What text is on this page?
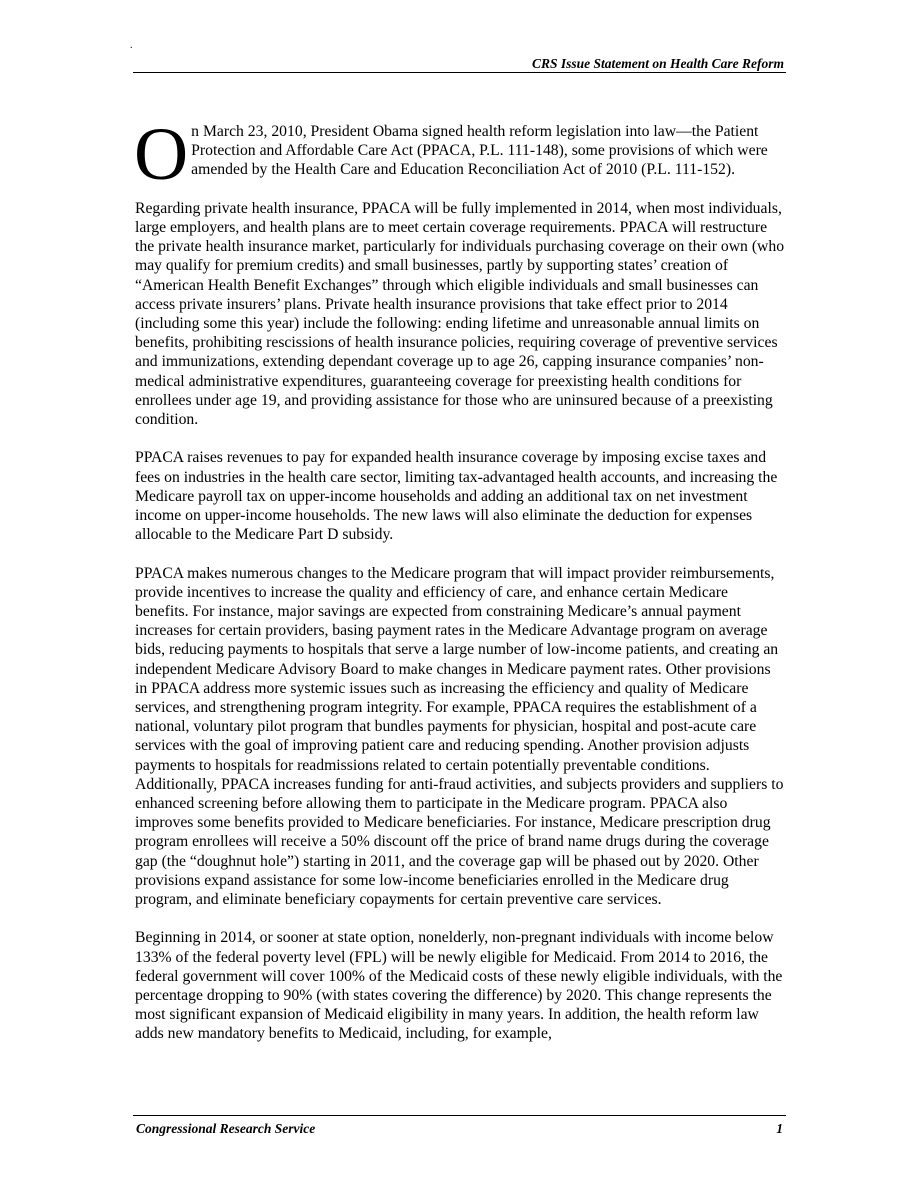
.
CRS Issue Statement on Health Care Reform

On March 23, 2010, President Obama signed health reform legislation into law—the Patient Protection and Affordable Care Act (PPACA, P.L. 111-148), some provisions of which were amended by the Health Care and Education Reconciliation Act of 2010 (P.L. 111-152).

Regarding private health insurance, PPACA will be fully implemented in 2014, when most individuals, large employers, and health plans are to meet certain coverage requirements. PPACA will restructure the private health insurance market, particularly for individuals purchasing coverage on their own (who may qualify for premium credits) and small businesses, partly by supporting states’ creation of “American Health Benefit Exchanges” through which eligible individuals and small businesses can access private insurers’ plans. Private health insurance provisions that take effect prior to 2014 (including some this year) include the following: ending lifetime and unreasonable annual limits on benefits, prohibiting rescissions of health insurance policies, requiring coverage of preventive services and immunizations, extending dependant coverage up to age 26, capping insurance companies’ non-medical administrative expenditures, guaranteeing coverage for preexisting health conditions for enrollees under age 19, and providing assistance for those who are uninsured because of a preexisting condition.

PPACA raises revenues to pay for expanded health insurance coverage by imposing excise taxes and fees on industries in the health care sector, limiting tax-advantaged health accounts, and increasing the Medicare payroll tax on upper-income households and adding an additional tax on net investment income on upper-income households. The new laws will also eliminate the deduction for expenses allocable to the Medicare Part D subsidy.

PPACA makes numerous changes to the Medicare program that will impact provider reimbursements, provide incentives to increase the quality and efficiency of care, and enhance certain Medicare benefits. For instance, major savings are expected from constraining Medicare’s annual payment increases for certain providers, basing payment rates in the Medicare Advantage program on average bids, reducing payments to hospitals that serve a large number of low-income patients, and creating an independent Medicare Advisory Board to make changes in Medicare payment rates. Other provisions in PPACA address more systemic issues such as increasing the efficiency and quality of Medicare services, and strengthening program integrity. For example, PPACA requires the establishment of a national, voluntary pilot program that bundles payments for physician, hospital and post-acute care services with the goal of improving patient care and reducing spending. Another provision adjusts payments to hospitals for readmissions related to certain potentially preventable conditions. Additionally, PPACA increases funding for anti-fraud activities, and subjects providers and suppliers to enhanced screening before allowing them to participate in the Medicare program. PPACA also improves some benefits provided to Medicare beneficiaries. For instance, Medicare prescription drug program enrollees will receive a 50% discount off the price of brand name drugs during the coverage gap (the “doughnut hole”) starting in 2011, and the coverage gap will be phased out by 2020. Other provisions expand assistance for some low-income beneficiaries enrolled in the Medicare drug program, and eliminate beneficiary copayments for certain preventive care services.

Beginning in 2014, or sooner at state option, nonelderly, non-pregnant individuals with income below 133% of the federal poverty level (FPL) will be newly eligible for Medicaid. From 2014 to 2016, the federal government will cover 100% of the Medicaid costs of these newly eligible individuals, with the percentage dropping to 90% (with states covering the difference) by 2020. This change represents the most significant expansion of Medicaid eligibility in many years. In addition, the health reform law adds new mandatory benefits to Medicaid, including, for example,

Congressional Research Service	1
